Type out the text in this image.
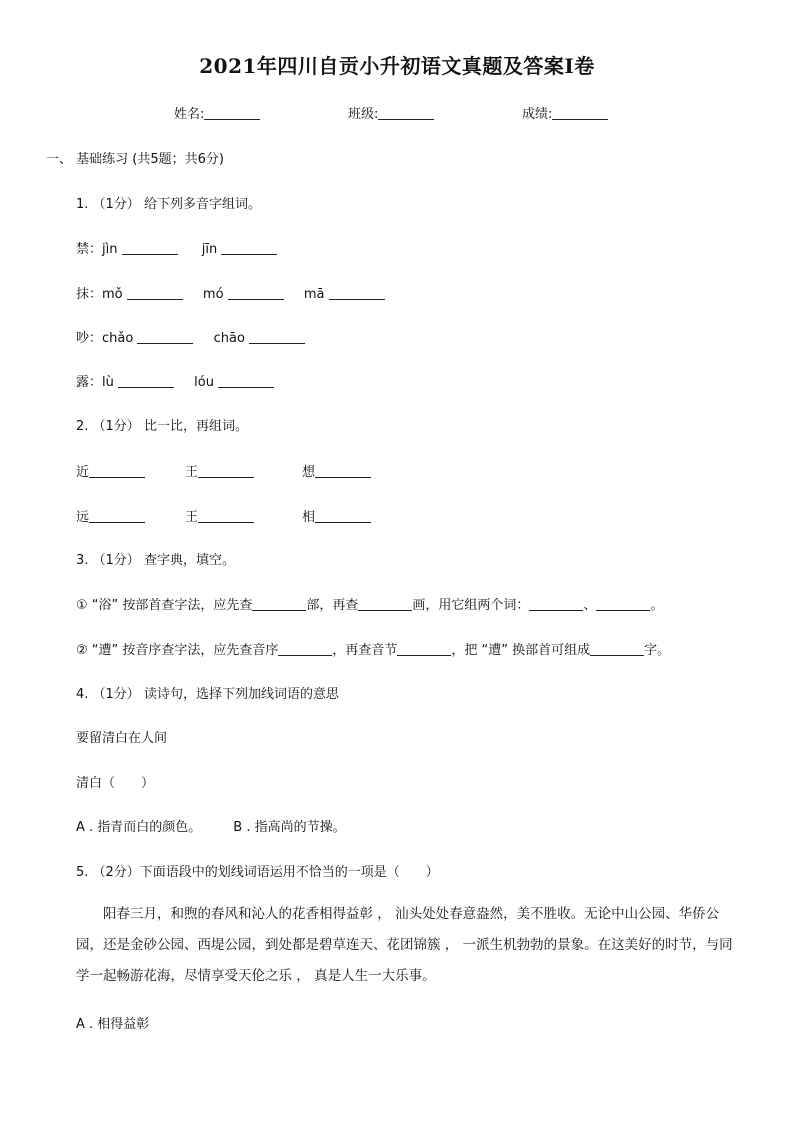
2021年四川自贡小升初语文真题及答案Ⅰ卷
姓名:	班级:	成绩:
一、 基础练习 (共5题；共6分)
1. （1分） 给下列多音字组词。
禁：jìn	jīn
抹：mǒ	mó	mā
吵：chǎo	chāo
露：lù	lóu
2. （1分） 比一比，再组词。
近	王	想
远	王	相
3. （1分） 查字典，填空。
① “浴” 按部首查字法，应先查	部，再查	画，用它组两个词：	、	。
② “遭” 按音序查字法，应先查音序	，再查音节	，把 “遭” 换部首可组成	字。
4. （1分） 读诗句，选择下列加线词语的意思
要留清白在人间
清白（　　）
A . 指青而白的颜色。 B . 指高尚的节操。
5. （2分）下面语段中的划线词语运用不恰当的一项是（　　）
阳春三月，和煦的春风和沁人的花香相得益彰 ， 汕头处处春意盎然，美不胜收。无论中山公园、华侨公园，还是金砂公园、西堤公园，到处都是碧草连天、花团锦簇 ， 一派生机勃勃的景象。在这美好的时节，与同学一起畅游花海，尽情享受天伦之乐 ， 真是人生一大乐事。
A . 相得益彰
